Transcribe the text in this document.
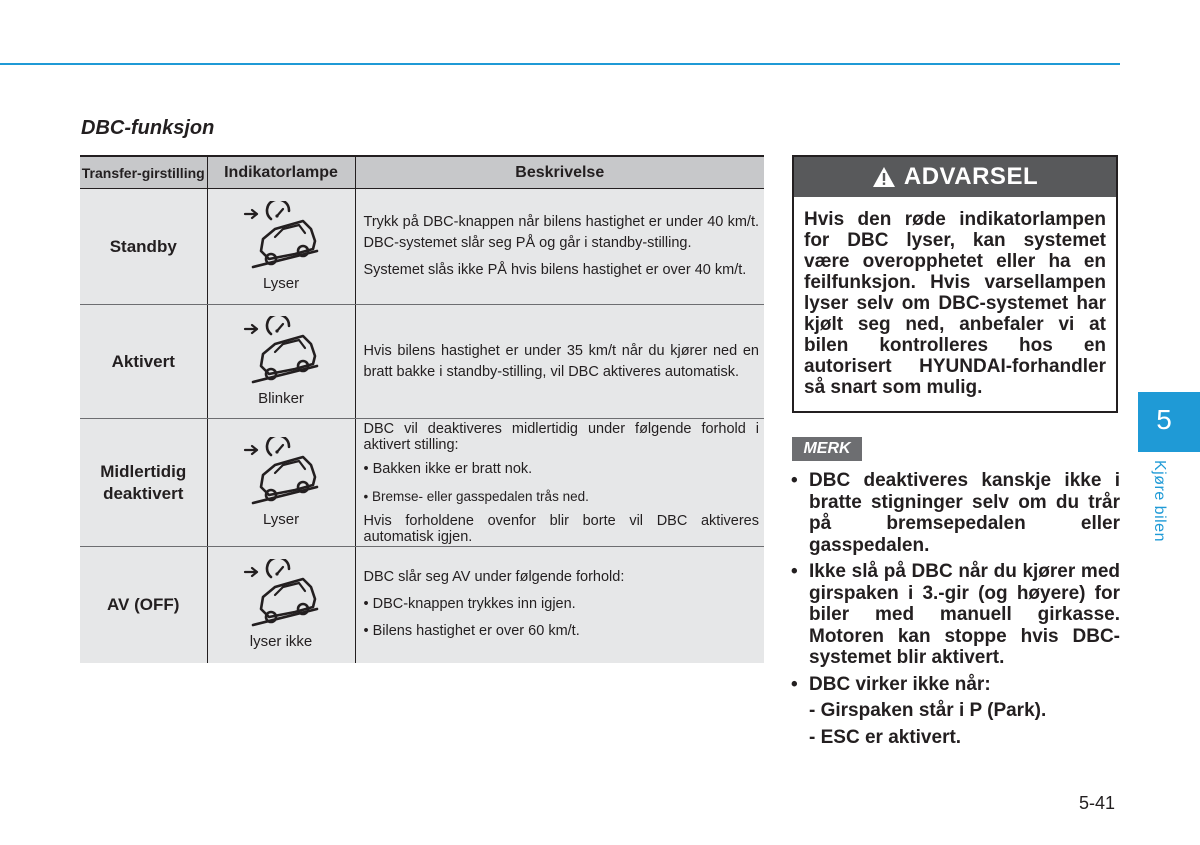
DBC-funksjon
Transfer-girstilling	Indikatorlampe	Beskrivelse
Standby	Lyser	Trykk på DBC-knappen når bilens hastighet er under 40 km/t. DBC-systemet slår seg PÅ og går i standby-stilling.

Systemet slås ikke PÅ hvis bilens hastighet er over 40 km/t.

Aktivert	Blinker	Hvis bilens hastighet er under 35 km/t når du kjører ned en bratt bakke i standby-stilling, vil DBC aktiveres automatisk.

Midlertidig deaktivert	Lyser	DBC vil deaktiveres midlertidig under følgende forhold i aktivert stilling:

• Bakken ikke er bratt nok.

• Bremse- eller gasspedalen trås ned.

Hvis forholdene ovenfor blir borte vil DBC aktiveres automatisk igjen.

AV (OFF)	lyser ikke	DBC slår seg AV under følgende forhold:

• DBC-knappen trykkes inn igjen.

• Bilens hastighet er over 60 km/t.

ADVARSEL
Hvis den røde indikatorlampen for DBC lyser, kan systemet være overopphetet eller ha en feilfunksjon. Hvis varsellampen lyser selv om DBC-systemet har kjølt seg ned, anbefaler vi at bilen kontrolleres hos en autorisert HYUNDAI-forhandler så snart som mulig.
MERK
• DBC deaktiveres kanskje ikke i bratte stigninger selv om du trår på bremsepedalen eller gasspedalen.
• Ikke slå på DBC når du kjører med girspaken i 3.-gir (og høyere) for biler med manuell girkasse. Motoren kan stoppe hvis DBC-systemet blir aktivert.
• DBC virker ikke når:
- Girspaken står i P (Park).
- ESC er aktivert.
5
Kjøre bilen
5-41
